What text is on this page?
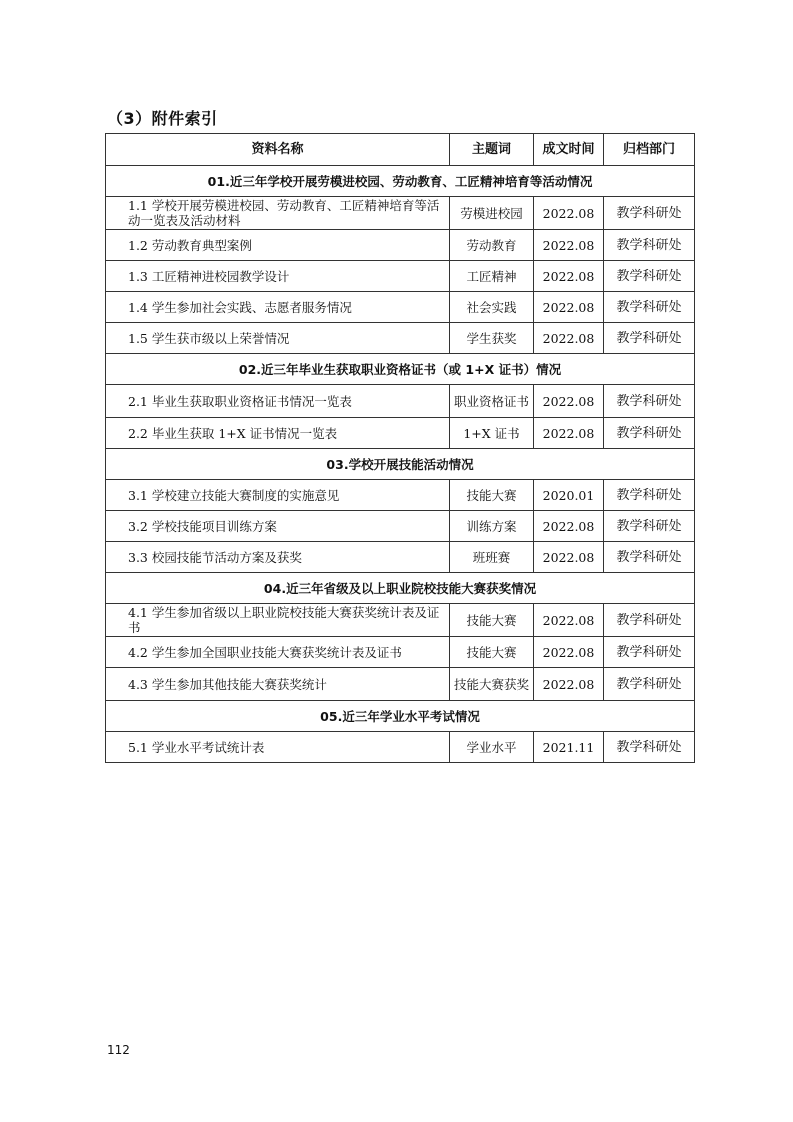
（3）附件索引
资料名称	主题词	成文时间	归档部门
01.近三年学校开展劳模进校园、劳动教育、工匠精神培育等活动情况			
1.1 学校开展劳模进校园、劳动教育、工匠精神培育等活动一览表及活动材料	劳模进校园	2022.08	教学科研处
1.2 劳动教育典型案例	劳动教育	2022.08	教学科研处
1.3 工匠精神进校园教学设计	工匠精神	2022.08	教学科研处
1.4 学生参加社会实践、志愿者服务情况	社会实践	2022.08	教学科研处
1.5 学生获市级以上荣誉情况	学生获奖	2022.08	教学科研处
02.近三年毕业生获取职业资格证书（或 1+X 证书）情况			
2.1 毕业生获取职业资格证书情况一览表	职业资格证书	2022.08	教学科研处
2.2 毕业生获取 1+X 证书情况一览表	1+X 证书	2022.08	教学科研处
03.学校开展技能活动情况			
3.1 学校建立技能大赛制度的实施意见	技能大赛	2020.01	教学科研处
3.2 学校技能项目训练方案	训练方案	2022.08	教学科研处
3.3 校园技能节活动方案及获奖	班班赛	2022.08	教学科研处
04.近三年省级及以上职业院校技能大赛获奖情况			
4.1 学生参加省级以上职业院校技能大赛获奖统计表及证书	技能大赛	2022.08	教学科研处
4.2 学生参加全国职业技能大赛获奖统计表及证书	技能大赛	2022.08	教学科研处
4.3 学生参加其他技能大赛获奖统计	技能大赛获奖	2022.08	教学科研处
05.近三年学业水平考试情况			
5.1 学业水平考试统计表	学业水平	2021.11	教学科研处
112
